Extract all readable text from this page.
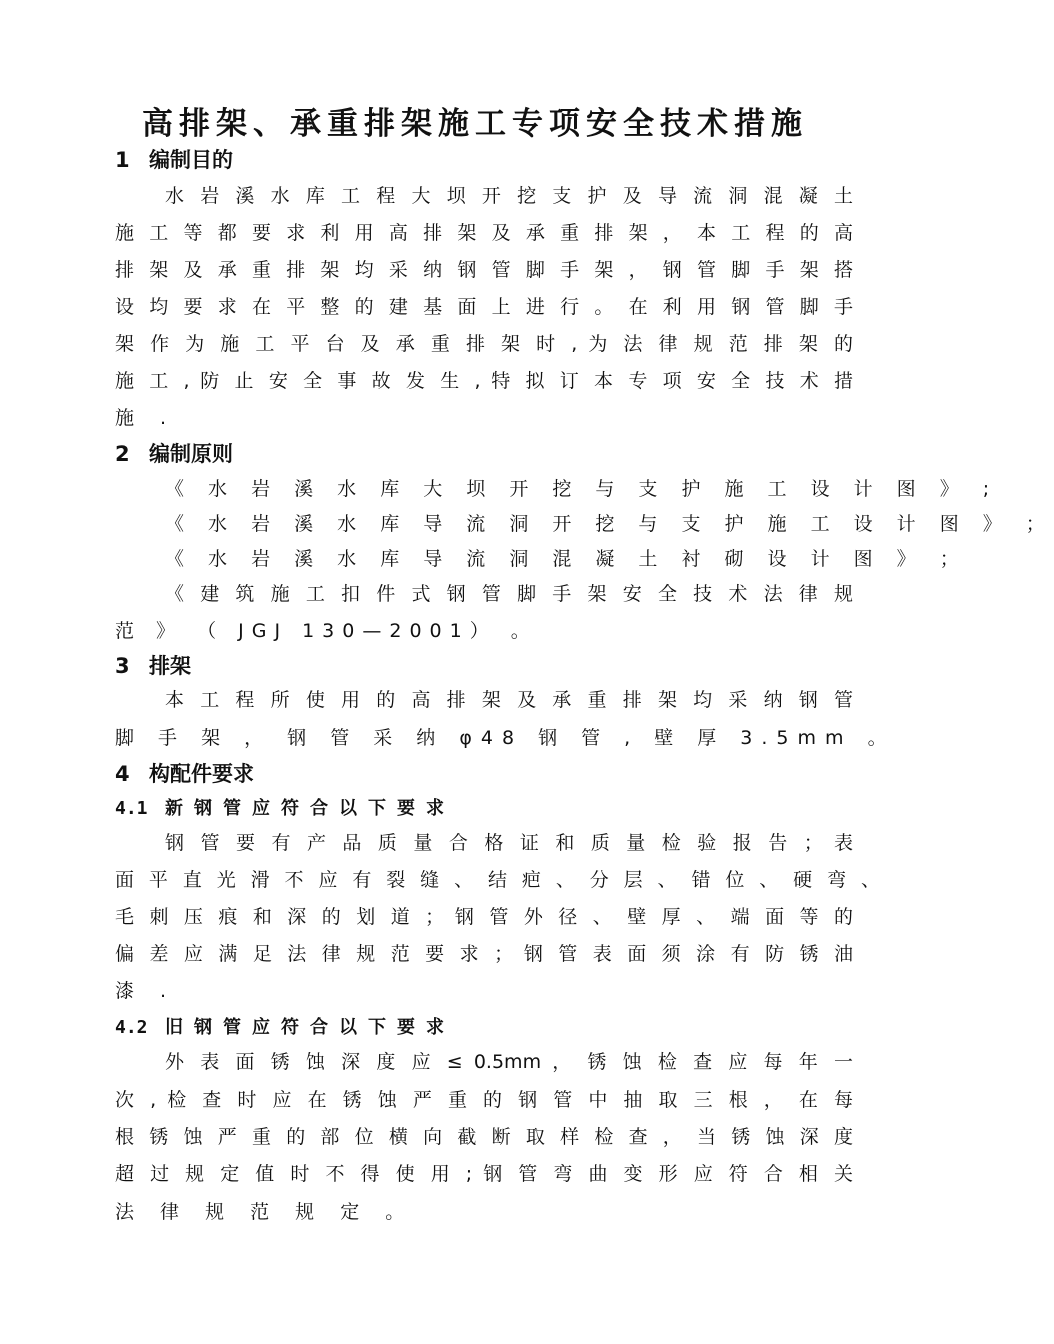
高排架、承重排架施工专项安全技术措施
1 编制目的
水 岩 溪 水 库 工 程 大 坝 开 挖 支 护 及 导 流 洞 混 凝 土
施 工 等 都 要 求 利 用 高 排 架 及 承 重 排 架 ， 本 工 程 的 高
排 架 及 承 重 排 架 均 采 纳 钢 管 脚 手 架 ， 钢 管 脚 手 架 搭
设 均 要 求 在 平 整 的 建 基 面 上 进 行 。 在 利 用 钢 管 脚 手
架 作 为 施 工 平 台 及 承 重 排 架 时 , 为 法 律 规 范 排 架 的
施 工 , 防 止 安 全 事 故 发 生 , 特 拟 订 本 专 项 安 全 技 术 措
施 .
2 编制原则
《 水 岩 溪 水 库 大 坝 开 挖 与 支 护 施 工 设 计 图 》 ;
《 水 岩 溪 水 库 导 流 洞 开 挖 与 支 护 施 工 设 计 图 》 ；
《 水 岩 溪 水 库 导 流 洞 混 凝 土 衬 砌 设 计 图 》 ；
《 建 筑 施 工 扣 件 式 钢 管 脚 手 架 安 全 技 术 法 律 规
范 》 （ JGJ 130—2001） 。
3 排架
本 工 程 所 使 用 的 高 排 架 及 承 重 排 架 均 采 纳 钢 管
脚 手 架 ， 钢 管 采 纳 φ48 钢 管 , 壁 厚 3.5mm 。
4 构配件要求
4.1 新钢管应符合以下要求
钢 管 要 有 产 品 质 量 合 格 证 和 质 量 检 验 报 告 ； 表
面 平 直 光 滑 不 应 有 裂 缝 、 结 疤 、 分 层 、 错 位 、 硬 弯 、
毛 刺 压 痕 和 深 的 划 道 ； 钢 管 外 径 、 壁 厚 、 端 面 等 的
偏 差 应 满 足 法 律 规 范 要 求 ； 钢 管 表 面 须 涂 有 防 锈 油
漆 .
4.2 旧钢管应符合以下要求
外 表 面 锈 蚀 深 度 应 ≤ 0.5mm ， 锈 蚀 检 查 应 每 年 一
次 , 检 查 时 应 在 锈 蚀 严 重 的 钢 管 中 抽 取 三 根 ， 在 每
根 锈 蚀 严 重 的 部 位 横 向 截 断 取 样 检 查 ， 当 锈 蚀 深 度
超 过 规 定 值 时 不 得 使 用 ; 钢 管 弯 曲 变 形 应 符 合 相 关
法 律 规 范 规 定 。
